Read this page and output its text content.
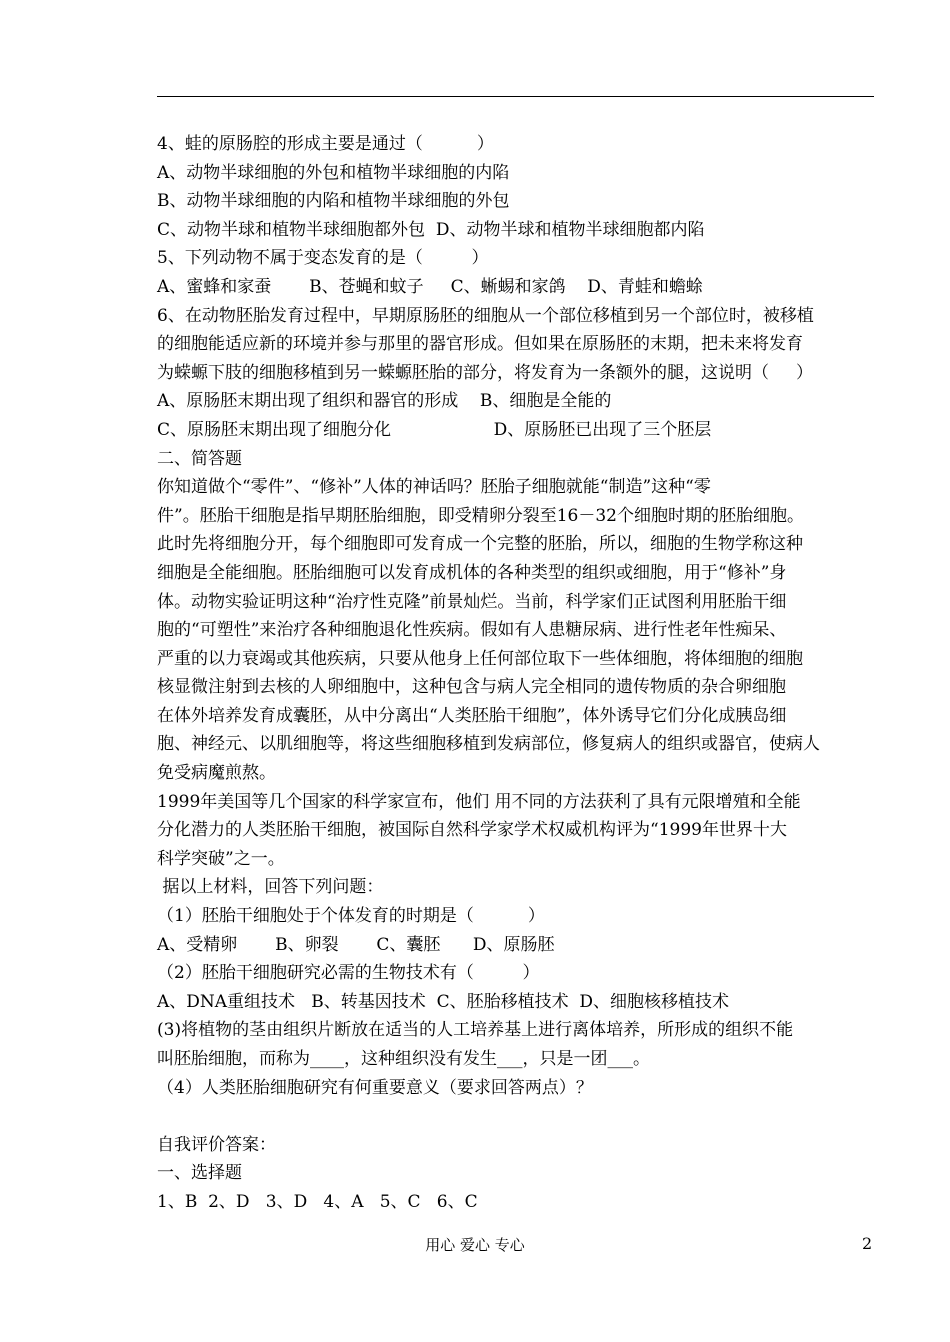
4、蛙的原肠腔的形成主要是通过（          ）
A、动物半球细胞的外包和植物半球细胞的内陷
B、动物半球细胞的内陷和植物半球细胞的外包
C、动物半球和植物半球细胞都外包  D、动物半球和植物半球细胞都内陷
5、下列动物不属于变态发育的是（         ）
A、蜜蜂和家蚕       B、苍蝇和蚊子     C、蜥蜴和家鸽    D、青蛙和蟾蜍
6、在动物胚胎发育过程中，早期原肠胚的细胞从一个部位移植到另一个部位时，被移植
的细胞能适应新的环境并参与那里的器官形成。但如果在原肠胚的末期，把未来将发育
为蝾螈下肢的细胞移植到另一蝾螈胚胎的部分，将发育为一条额外的腿，这说明（     ）
A、原肠胚末期出现了组织和器官的形成    B、细胞是全能的
C、原肠胚末期出现了细胞分化                   D、原肠胚已出现了三个胚层
二、简答题
你知道做个“零件”、“修补”人体的神话吗？胚胎子细胞就能“制造”这种“零
件”。胚胎干细胞是指早期胚胎细胞，即受精卵分裂至16－32个细胞时期的胚胎细胞。
此时先将细胞分开，每个细胞即可发育成一个完整的胚胎，所以，细胞的生物学称这种
细胞是全能细胞。胚胎细胞可以发育成机体的各种类型的组织或细胞，用于“修补”身
体。动物实验证明这种“治疗性克隆”前景灿烂。当前，科学家们正试图利用胚胎干细
胞的“可塑性”来治疗各种细胞退化性疾病。假如有人患糖尿病、进行性老年性痴呆、
严重的以力衰竭或其他疾病，只要从他身上任何部位取下一些体细胞，将体细胞的细胞
核显微注射到去核的人卵细胞中，这种包含与病人完全相同的遗传物质的杂合卵细胞
在体外培养发育成囊胚，从中分离出“人类胚胎干细胞”，体外诱导它们分化成胰岛细
胞、神经元、以肌细胞等，将这些细胞移植到发病部位，修复病人的组织或器官，使病人
免受病魔煎熬。
1999年美国等几个国家的科学家宣布，他们 用不同的方法获利了具有元限增殖和全能
分化潜力的人类胚胎干细胞，被国际自然科学家学术权威机构评为“1999年世界十大
科学突破”之一。
据以上材料，回答下列问题：
（1）胚胎干细胞处于个体发育的时期是（          ）
A、受精卵       B、卵裂       C、囊胚      D、原肠胚
（2）胚胎干细胞研究必需的生物技术有（         ）
A、DNA重组技术   B、转基因技术  C、胚胎移植技术  D、细胞核移植技术
(3)将植物的茎由组织片断放在适当的人工培养基上进行离体培养，所形成的组织不能
叫胚胎细胞，而称为____，这种组织没有发生___，只是一团___。
（4）人类胚胎细胞研究有何重要意义（要求回答两点）？
自我评价答案：
一、选择题
1、B  2、D   3、D   4、A   5、C   6、C
用心 爱心 专心	2
